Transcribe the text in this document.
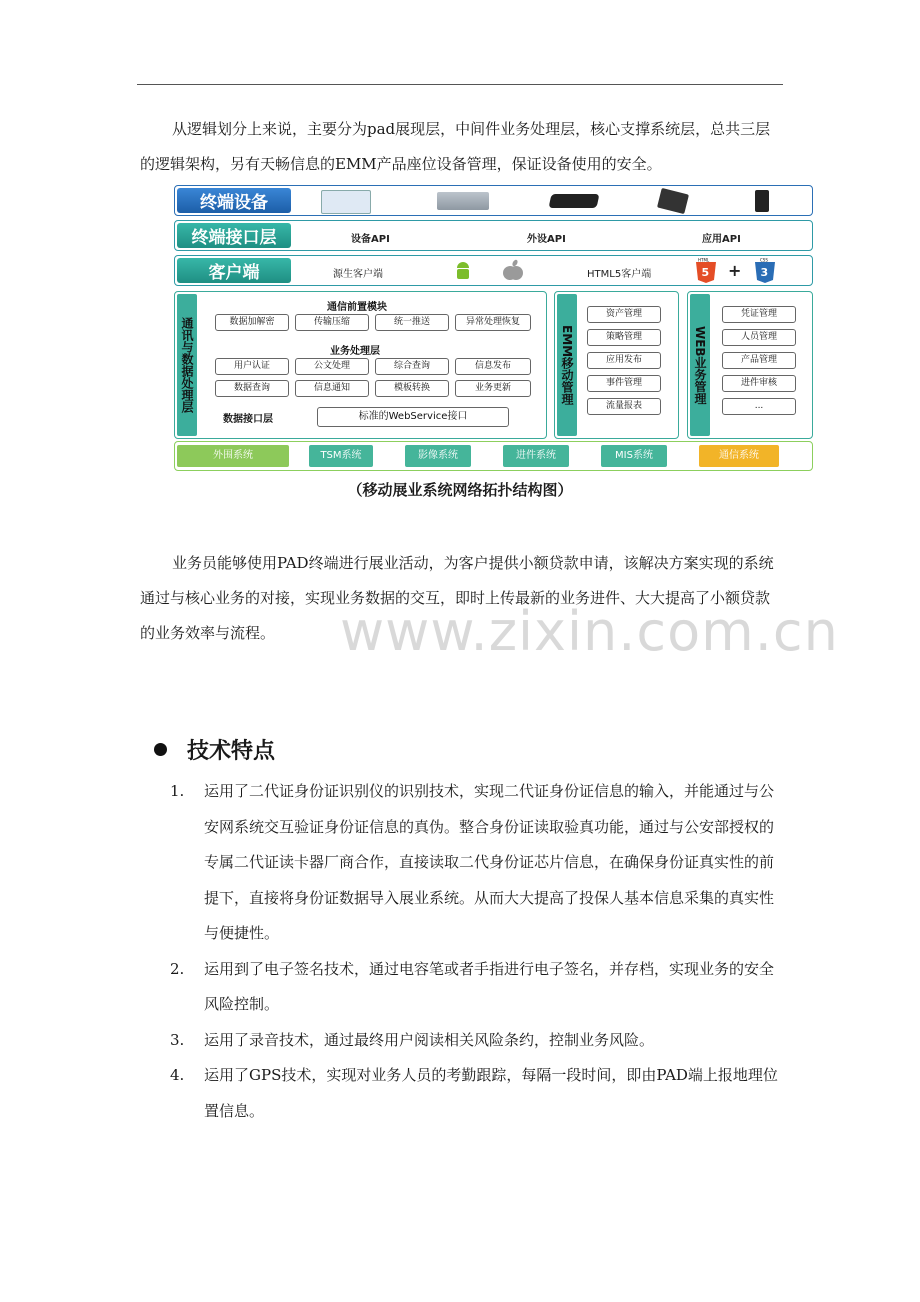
从逻辑划分上来说，主要分为pad展现层，中间件业务处理层，核心支撑系统层，总共三层的逻辑架构，另有天畅信息的EMM产品座位设备管理，保证设备使用的安全。

终端设备
终端接口层	设备API	外设API	应用API
客户端	源生客户端	HTML5客户端	5
HTML
+ 3
CSS
通讯与数据处理层
通信前置模块
数据加解密	传输压缩	统一推送	异常处理恢复
业务处理层
用户认证	公文处理	综合查询	信息发布
数据查询	信息通知	模板转换	业务更新
数据接口层	标准的WebService接口
EMM移动管理
资产管理
策略管理
应用发布
事件管理
流量报表
WEB业务管理
凭证管理
人员管理
产品管理
进件审核
...
外围系统	TSM系统	影像系统	进件系统	MIS系统	通信系统
（移动展业系统网络拓扑结构图）

业务员能够使用PAD终端进行展业活动，为客户提供小额贷款申请，该解决方案实现的系统通过与核心业务的对接，实现业务数据的交互，即时上传最新的业务进件、大大提高了小额贷款的业务效率与流程。	www.zixin.com.cn
技术特点
1. 运用了二代证身份证识别仪的识别技术，实现二代证身份证信息的输入，并能通过与公安网系统交互验证身份证信息的真伪。整合身份证读取验真功能，通过与公安部授权的专属二代证读卡器厂商合作，直接读取二代身份证芯片信息，在确保身份证真实性的前提下，直接将身份证数据导入展业系统。从而大大提高了投保人基本信息采集的真实性与便捷性。
2. 运用到了电子签名技术，通过电容笔或者手指进行电子签名，并存档，实现业务的安全风险控制。
3. 运用了录音技术，通过最终用户阅读相关风险条约，控制业务风险。
4. 运用了GPS技术，实现对业务人员的考勤跟踪，每隔一段时间，即由PAD端上报地理位置信息。
